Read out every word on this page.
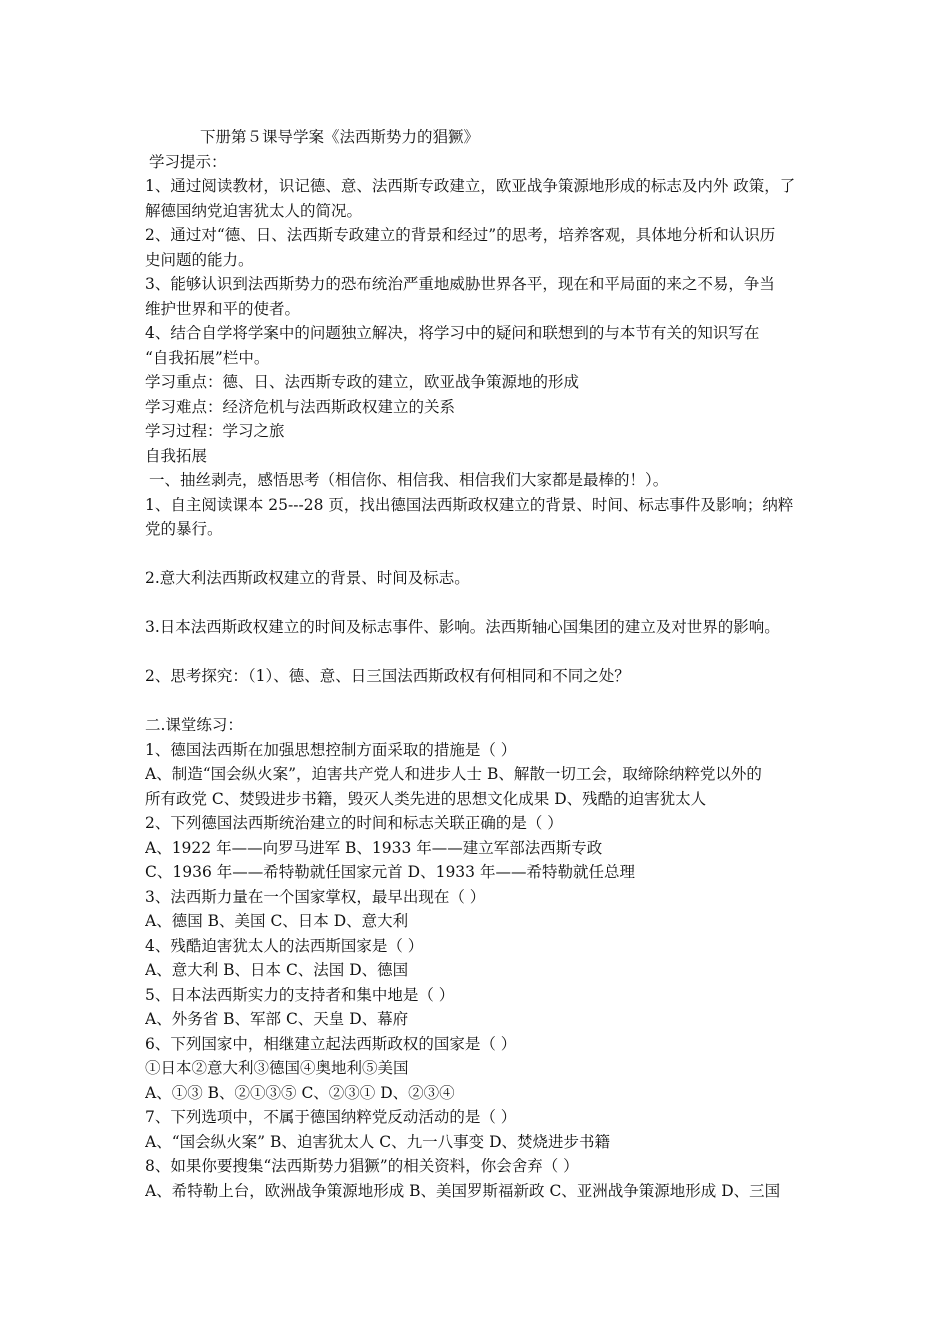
下册第５课导学案《法西斯势力的猖獗》
学习提示：
1、通过阅读教材，识记德、意、法西斯专政建立，欧亚战争策源地形成的标志及内外 政策，了
解德国纳党迫害犹太人的简况。
2、通过对“德、日、法西斯专政建立的背景和经过”的思考，培养客观，具体地分析和认识历
史问题的能力。
3、能够认识到法西斯势力的恐布统治严重地威胁世界各平，现在和平局面的来之不易，争当
维护世界和平的使者。
4、结合自学将学案中的问题独立解决，将学习中的疑问和联想到的与本节有关的知识写在
“自我拓展”栏中。
学习重点：德、日、法西斯专政的建立，欧亚战争策源地的形成
学习难点：经济危机与法西斯政权建立的关系
学习过程：学习之旅
自我拓展
一、抽丝剥壳，感悟思考（相信你、相信我、相信我们大家都是最棒的！）。
1、自主阅读课本 25---28 页，找出德国法西斯政权建立的背景、时间、标志事件及影响；纳粹
党的暴行。
2.意大利法西斯政权建立的背景、时间及标志。
3.日本法西斯政权建立的时间及标志事件、影响。法西斯轴心国集团的建立及对世界的影响。
2、思考探究：（1）、德、意、日三国法西斯政权有何相同和不同之处？
二.课堂练习：
1、德国法西斯在加强思想控制方面采取的措施是（ ）
A、制造“国会纵火案”，迫害共产党人和进步人士 B、解散一切工会，取缔除纳粹党以外的
所有政党 C、焚毁进步书籍，毁灭人类先进的思想文化成果 D、残酷的迫害犹太人
2、下列德国法西斯统治建立的时间和标志关联正确的是（ ）
A、1922 年——向罗马进军 B、1933 年——建立军部法西斯专政
C、1936 年——希特勒就任国家元首 D、1933 年——希特勒就任总理
3、法西斯力量在一个国家掌权，最早出现在（ ）
A、德国 B、美国 C、日本 D、意大利
4、残酷迫害犹太人的法西斯国家是（ ）
A、意大利 B、日本 C、法国 D、德国
5、日本法西斯实力的支持者和集中地是（ ）
A、外务省 B、军部 C、天皇 D、幕府
6、下列国家中，相继建立起法西斯政权的国家是（ ）
①日本②意大利③德国④奥地利⑤美国
A、①③ B、②①③⑤ C、②③① D、②③④
7、下列选项中，不属于德国纳粹党反动活动的是（ ）
A、“国会纵火案” B、迫害犹太人 C、九一八事变 D、焚烧进步书籍
8、如果你要搜集“法西斯势力猖獗”的相关资料，你会舍弃（ ）
A、希特勒上台，欧洲战争策源地形成 B、美国罗斯福新政 C、亚洲战争策源地形成 D、三国
